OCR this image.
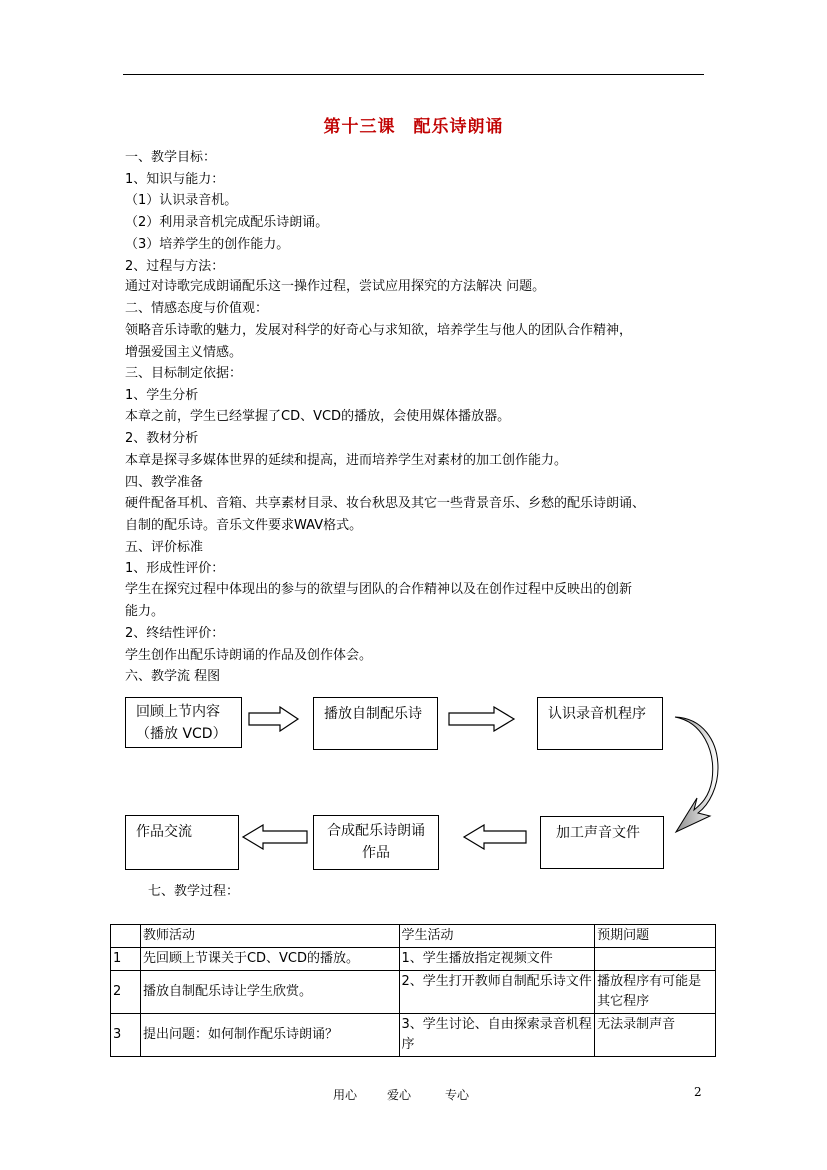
第十三课　配乐诗朗诵
一、教学目标：
1、知识与能力：
（1）认识录音机。
（2）利用录音机完成配乐诗朗诵。
（3）培养学生的创作能力。
2、过程与方法：
通过对诗歌完成朗诵配乐这一操作过程，尝试应用探究的方法解决 问题。
二、情感态度与价值观：
领略音乐诗歌的魅力，发展对科学的好奇心与求知欲，培养学生与他人的团队合作精神，
增强爱国主义情感。
三、目标制定依据：
1、学生分析
本章之前，学生已经掌握了CD、VCD的播放，会使用媒体播放器。
2、教材分析
本章是探寻多媒体世界的延续和提高，进而培养学生对素材的加工创作能力。
四、教学准备
硬件配备耳机、音箱、共享素材目录、妆台秋思及其它一些背景音乐、乡愁的配乐诗朗诵、
自制的配乐诗。音乐文件要求WAV格式。
五、评价标准
1、形成性评价：
学生在探究过程中体现出的参与的欲望与团队的合作精神以及在创作过程中反映出的创新
能力。
2、终结性评价：
学生创作出配乐诗朗诵的作品及创作体会。
六、教学流 程图
回顾上节内容
（播放 VCD）
播放自制配乐诗	认识录音机程序
加工声音文件
合成配乐诗朗诵
作品
作品交流
七、教学过程：
	教师活动	学生活动	预期问题
1	先回顾上节课关于CD、VCD的播放。	1、学生播放指定视频文件	
2	播放自制配乐诗让学生欣赏。	2、学生打开教师自制配乐诗文件	播放程序有可能是其它程序
3	提出问题：如何制作配乐诗朗诵？	3、学生讨论、自由探索录音机程序	无法录制声音
用心 爱心	专心	2
